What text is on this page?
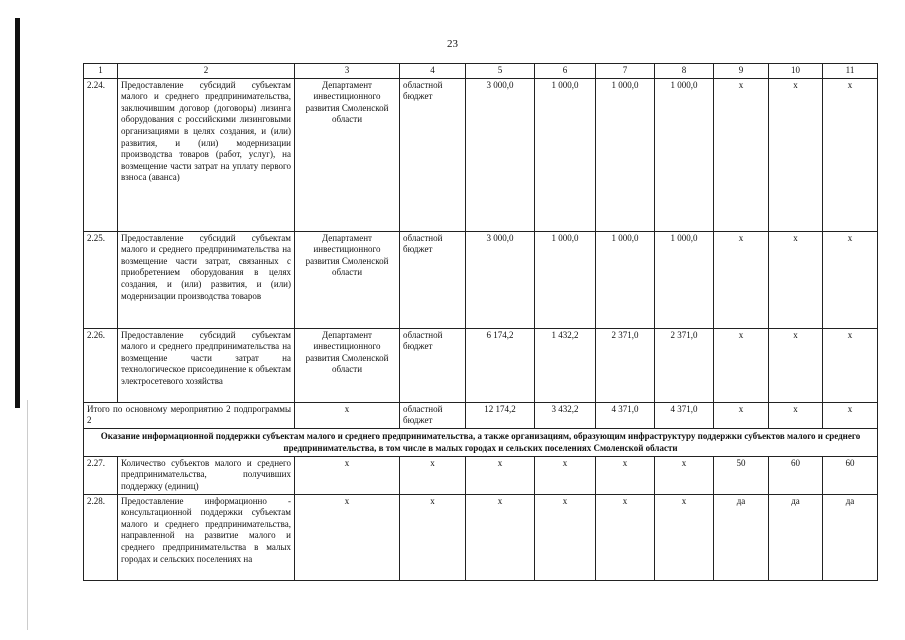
23
1	2	3	4	5	6	7	8	9	10	11
2.24.	Предоставление субсидий субъектам малого и среднего предпринимательства, заключившим договор (договоры) лизинга оборудования с российскими лизинговыми организациями в целях создания, и (или) развития, и (или) модернизации производства товаров (работ, услуг), на возмещение части затрат на уплату первого взноса (аванса)	Департамент инвестиционного развития Смоленской области	областной бюджет	3 000,0	1 000,0	1 000,0	1 000,0	x	x	x
2.25.	Предоставление субсидий субъектам малого и среднего предпринимательства на возмещение части затрат, связанных с приобретением оборудования в целях создания, и (или) развития, и (или) модернизации производства товаров	Департамент инвестиционного развития Смоленской области	областной бюджет	3 000,0	1 000,0	1 000,0	1 000,0	x	x	x
2.26.	Предоставление субсидий субъектам малого и среднего предпринимательства на возмещение части затрат на технологическое присоединение к объектам электросетевого хозяйства	Департамент инвестиционного развития Смоленской области	областной бюджет	6 174,2	1 432,2	2 371,0	2 371,0	x	x	x
Итого по основному мероприятию 2 подпрограммы 2		x	областной бюджет	12 174,2	3 432,2	4 371,0	4 371,0	x	x	x
Оказание информационной поддержки субъектам малого и среднего предпринимательства, а также организациям, образующим инфраструктуру поддержки субъектов малого и среднего предпринимательства, в том числе в малых городах и сельских поселениях Смоленской области										
2.27.	Количество субъектов малого и среднего предпринимательства, получивших поддержку (единиц)	x	x	x	x	x	x	50	60	60
2.28.	Предоставление информационно - консультационной поддержки субъектам малого и среднего предпринимательства, направленной на развитие малого и среднего предпринимательства в малых городах и сельских поселениях на	x	x	x	x	x	x	да	да	да
